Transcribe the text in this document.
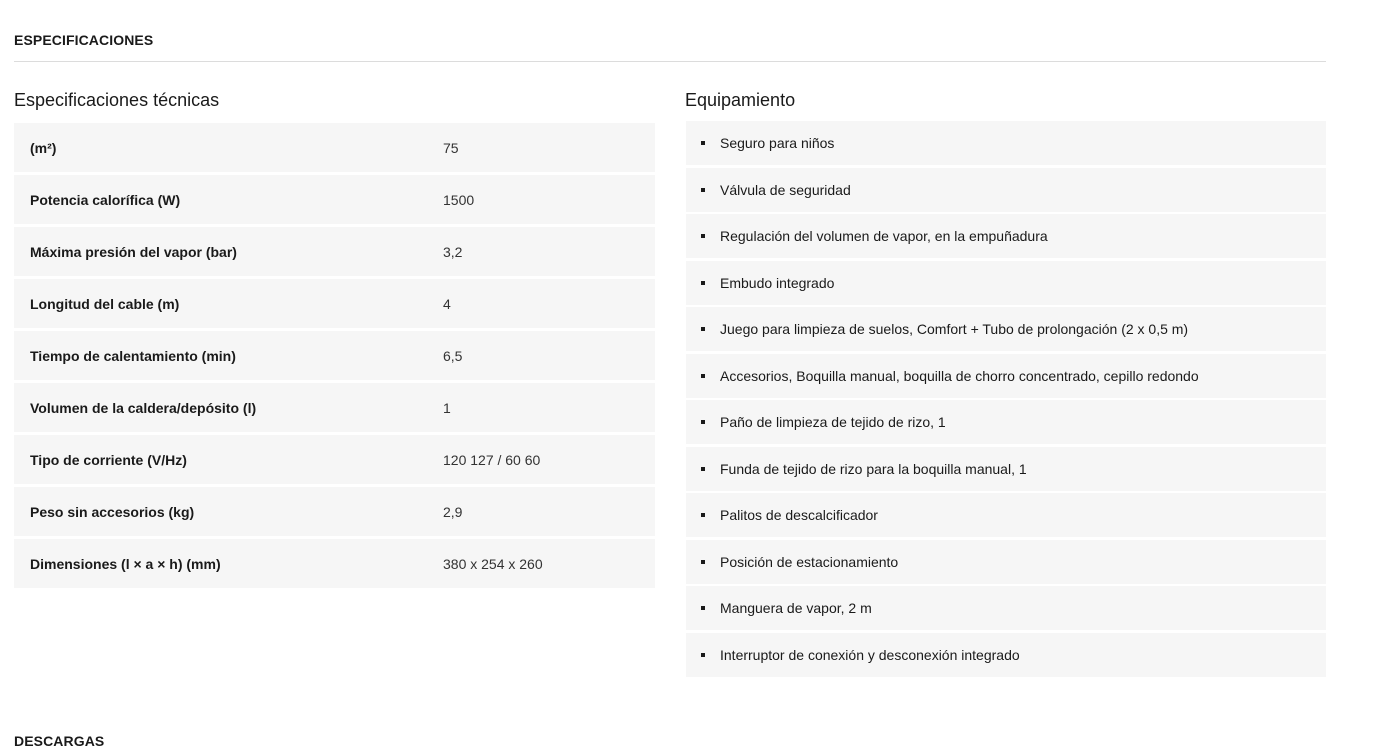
ESPECIFICACIONES
Especificaciones técnicas	Equipamiento
(m²)	75
Potencia calorífica (W)	1500
Máxima presión del vapor (bar)	3,2
Longitud del cable (m)	4
Tiempo de calentamiento (min)	6,5
Volumen de la caldera/depósito (l)	1
Tipo de corriente (V/Hz)	120 127 / 60 60
Peso sin accesorios (kg)	2,9
Dimensiones (l × a × h) (mm)	380 x 254 x 260
Seguro para niños
Válvula de seguridad
Regulación del volumen de vapor, en la empuñadura
Embudo integrado
Juego para limpieza de suelos, Comfort + Tubo de prolongación (2 x 0,5 m)
Accesorios, Boquilla manual, boquilla de chorro concentrado, cepillo redondo
Paño de limpieza de tejido de rizo, 1
Funda de tejido de rizo para la boquilla manual, 1
Palitos de descalcificador
Posición de estacionamiento
Manguera de vapor, 2 m
Interruptor de conexión y desconexión integrado
DESCARGAS
